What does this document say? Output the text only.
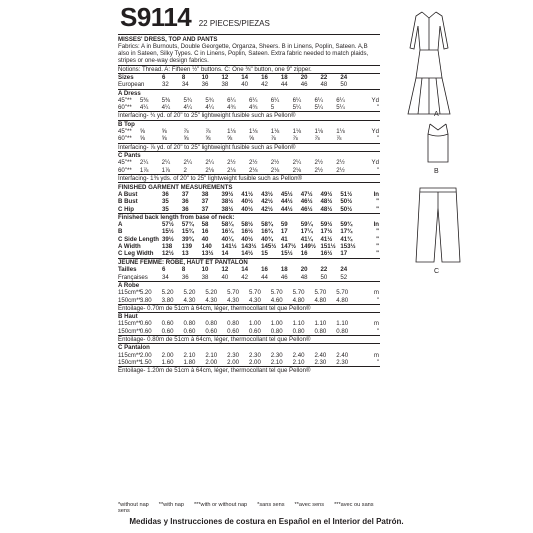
S9114 22 PIECES/PIEZAS
MISSES' DRESS, TOP AND PANTS

Fabrics: A in Burnouts, Double Georgette, Organza, Sheers. B in Linens, Poplin, Sateen. A,B also in Sateen, Silky Types. C in Linens, Poplin, Sateen. Extra fabric needed to match plaids, stripes or one-way design fabrics.

Notions: Thread. A: Fifteen ½" buttons. C: One ⅜" button, one 9" zipper.

Sizes	6	8	10	12	14	16	18	20	22	24	
European	32	34	36	38	40	42	44	46	48	50	
A Dress											
45"**	5⅜	5⅜	5¾	5¾	6¼	6¼	6¼	6¼	6¼	6¼	Yd
60"**	4¼	4¼	4¼	4¼	4¾	4¾	5	5¼	5¼	5¼	"
Interfacing- ¾ yd. of 20" to 25" lightweight fusible such as Pellon®
B Top											
45"**	⅝	⅝	⅞	⅞	1⅛	1⅛	1⅛	1⅛	1⅛	1⅛	Yd
60"**	⅝	⅝	⅝	⅝	⅝	⅝	⅞	⅞	⅞	⅞	"
Interfacing- ⅞ yd. of 20" to 25" lightweight fusible such as Pellon®
C Pants											
45"**	2¼	2¼	2¼	2¼	2½	2½	2½	2¼	2½	2½	Yd
60"**	1⅞	1⅞	2	2⅛	2⅛	2⅛	2⅛	2⅛	2½	2½	"
Interfacing- 1⅜ yds. of 20" to 25" lightweight fusible such as Pellon®
FINISHED GARMENT MEASUREMENTS
A Bust	36	37	38	39½	41½	43½	45½	47½	49½	51½	In
B Bust	35	36	37	38½	40½	42½	44½	46½	48½	50½	"
C Hip	35	36	37	38½	40½	42½	44½	46½	48½	50½	"
Finished back length from base of neck:
A	57½	57¾	58	58¼	58½	58¾	59	59¼	59½	59¾	In
B	15½	15¾	16	16¼	16½	16¾	17	17¼	17½	17¾	"
C Side Length	39½	39¾	40	40¼	40½	40¾	41	41¼	41½	41¾	"
A Width	138	139	140	141½	143½	145½	147½	149½	151½	153½	"
C Leg Width	12½	13	13½	14	14½	15	15½	16	16½	17	"
JEUNE FEMME: ROBE, HAUT ET PANTALON
Tailles	6	8	10	12	14	16	18	20	22	24	
Françaises	34	36	38	40	42	44	46	48	50	52	
A Robe											
115cm**	5.20	5.20	5.20	5.20	5.70	5.70	5.70	5.70	5.70	5.70	m
150cm**	3.80	3.80	4.30	4.30	4.30	4.30	4.60	4.80	4.80	4.80	"
Entoilage- 0.70m de 51cm à 64cm, léger, thermocollant tel que Pellon®
B Haut											
115cm**	0.60	0.60	0.80	0.80	0.80	1.00	1.00	1.10	1.10	1.10	m
150cm**	0.60	0.60	0.60	0.60	0.60	0.60	0.80	0.80	0.80	0.80	"
Entoilage- 0.80m de 51cm à 64cm, léger, thermocollant tel que Pellon®
C Pantalon											
115cm**	2.00	2.00	2.10	2.10	2.30	2.30	2.30	2.40	2.40	2.40	m
150cm**	1.50	1.60	1.80	2.00	2.00	2.00	2.10	2.10	2.30	2.30	"
Entoilage- 1.20m de 51cm à 64cm, léger, thermocollant tel que Pellon®
*without nap **with nap ***with or without nap *sans sens **avec sens ***avec ou sans sens
Medidas y Instrucciones de costura en Español en el Interior del Patrón.
A
B
C
